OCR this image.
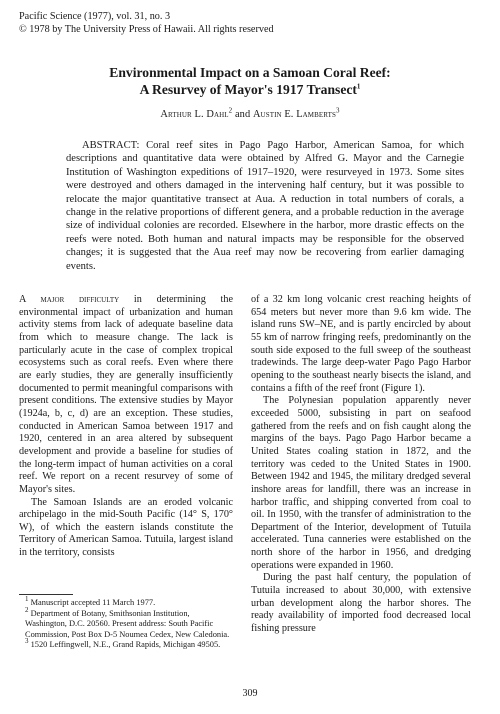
Pacific Science (1977), vol. 31, no. 3
© 1978 by The University Press of Hawaii. All rights reserved
Environmental Impact on a Samoan Coral Reef:
A Resurvey of Mayor's 1917 Transect$^1$
Arthur L. Dahl$^2$ and Austin E. Lamberts$^3$

ABSTRACT: Coral reef sites in Pago Pago Harbor, American Samoa, for which descriptions and quantitative data were obtained by Alfred G. Mayor and the Carnegie Institution of Washington expeditions of 1917–1920, were resurveyed in 1973. Some sites were destroyed and others damaged in the intervening half century, but it was possible to relocate the major quantitative transect at Aua. A reduction in total numbers of corals, a change in the relative proportions of different genera, and a probable reduction in the average size of individual colonies are recorded. Elsewhere in the harbor, more drastic effects on the reefs were noted. Both human and natural impacts may be responsible for the observed changes; it is suggested that the Aua reef may now be recovering from earlier damaging events.

A major difficulty in determining the environmental impact of urbanization and human activity stems from lack of adequate baseline data from which to measure change. The lack is particularly acute in the case of complex tropical ecosystems such as coral reefs. Even where there are early studies, they are generally insufficiently documented to permit meaningful comparisons with present conditions. The extensive studies by Mayor (1924a, b, c, d) are an exception. These studies, conducted in American Samoa between 1917 and 1920, centered in an area altered by subsequent development and provide a baseline for studies of the long-term impact of human activities on a coral reef. We report on a recent resurvey of some of Mayor's sites.

The Samoan Islands are an eroded volcanic archipelago in the mid-South Pacific (14° S, 170° W), of which the eastern islands constitute the Territory of American Samoa. Tutuila, largest island in the territory, consists

$^1$ Manuscript accepted 11 March 1977.

$^2$ Department of Botany, Smithsonian Institution, Washington, D.C. 20560. Present address: South Pacific Commission, Post Box D-5 Noumea Cedex, New Caledonia.

$^3$ 1520 Leffingwell, N.E., Grand Rapids, Michigan 49505.

of a 32 km long volcanic crest reaching heights of 654 meters but never more than 9.6 km wide. The island runs SW–NE, and is partly encircled by about 55 km of narrow fringing reefs, predominantly on the south side exposed to the full sweep of the southeast tradewinds. The large deep-water Pago Pago Harbor opening to the southeast nearly bisects the island, and contains a fifth of the reef front (Figure 1).

The Polynesian population apparently never exceeded 5000, subsisting in part on seafood gathered from the reefs and on fish caught along the margins of the bays. Pago Pago Harbor became a United States coaling station in 1872, and the territory was ceded to the United States in 1900. Between 1942 and 1945, the military dredged several inshore areas for landfill, there was an increase in harbor traffic, and shipping converted from coal to oil. In 1950, with the transfer of administration to the Department of the Interior, development of Tutuila accelerated. Tuna canneries were established on the north shore of the harbor in 1956, and dredging operations were expanded in 1960.

During the past half century, the population of Tutuila increased to about 30,000, with extensive urban development along the harbor shores. The ready availability of imported food decreased local fishing pressure

309
